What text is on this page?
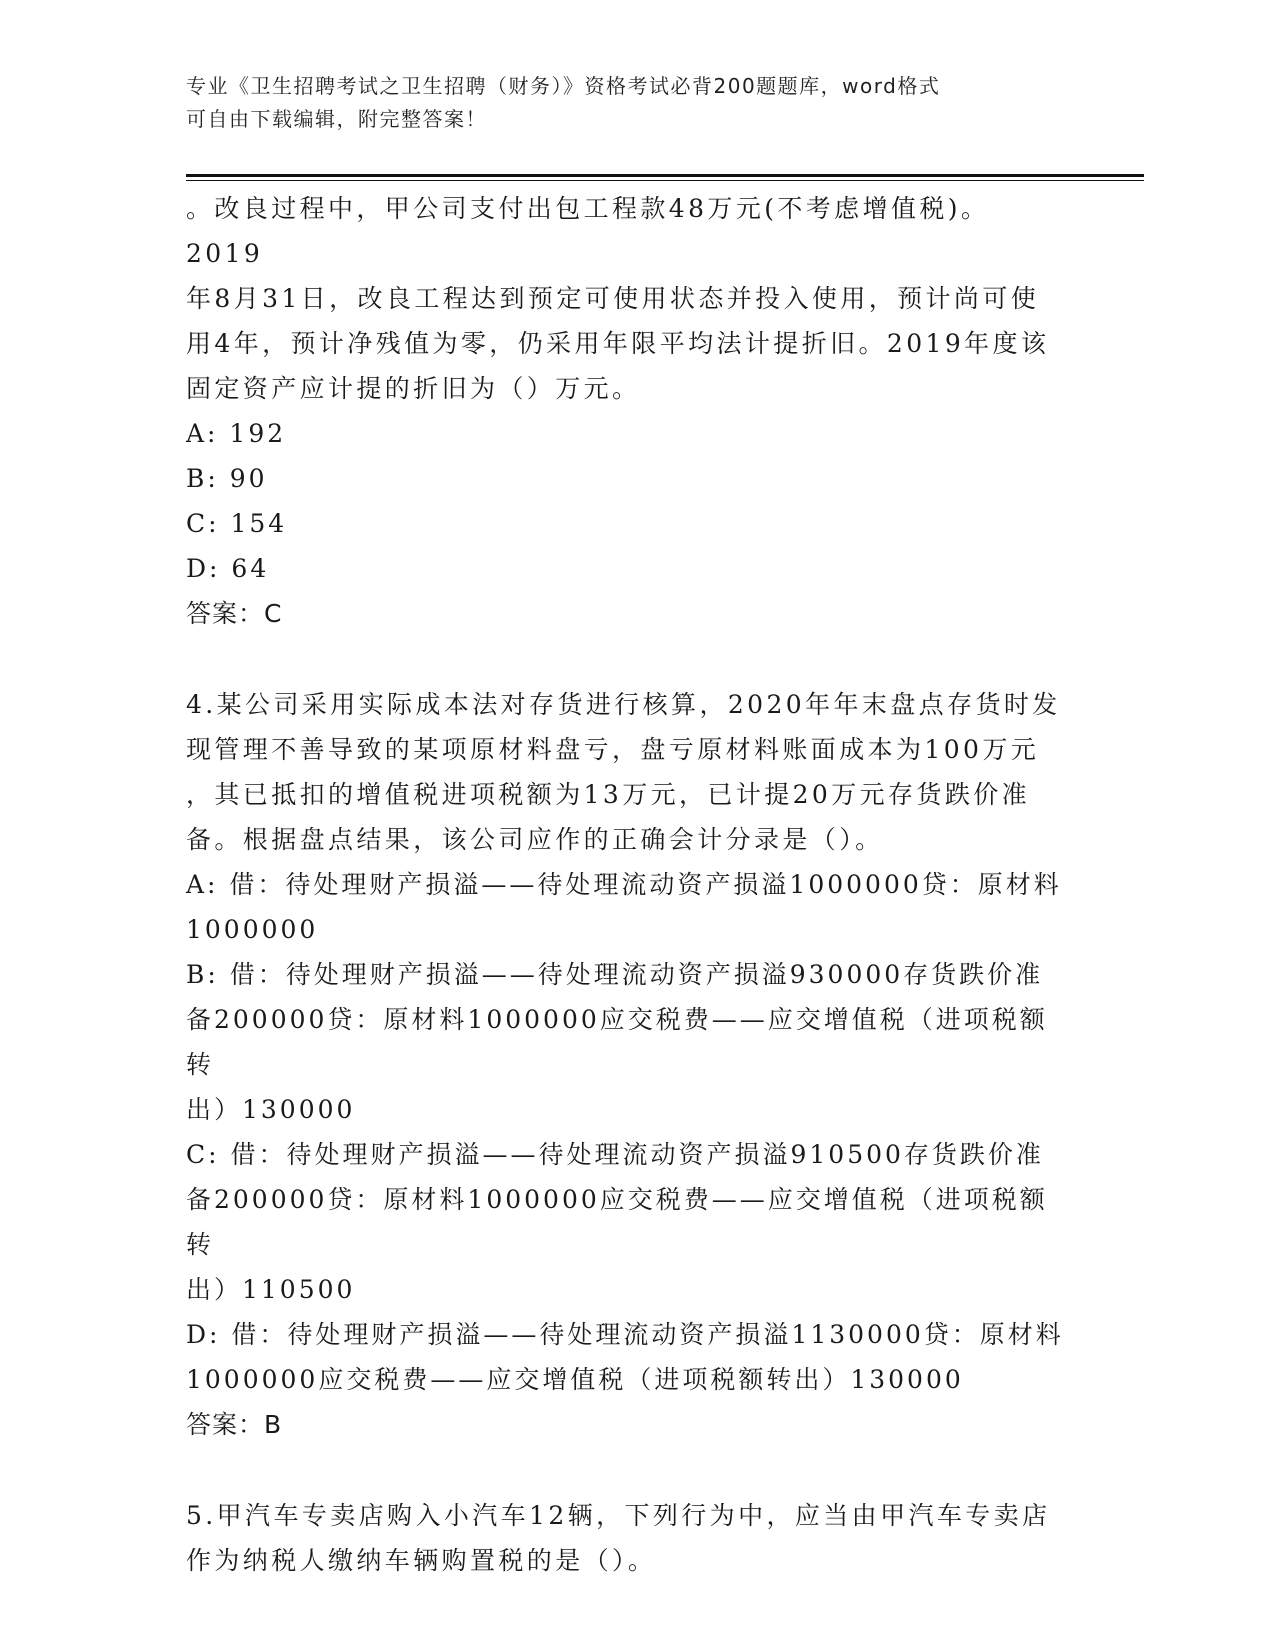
专业《卫生招聘考试之卫生招聘（财务）》资格考试必背200题题库，word格式
可自由下载编辑，附完整答案！

。改良过程中，甲公司支付出包工程款48万元(不考虑增值税)。2019

年8月31日，改良工程达到预定可使用状态并投入使用，预计尚可使

用4年，预计净残值为零，仍采用年限平均法计提折旧。2019年度该

固定资产应计提的折旧为（）万元。

A: 192

B: 90

C: 154

D: 64

答案：C

4.某公司采用实际成本法对存货进行核算，2020年年末盘点存货时发

现管理不善导致的某项原材料盘亏，盘亏原材料账面成本为100万元

，其已抵扣的增值税进项税额为13万元，已计提20万元存货跌价准

备。根据盘点结果，该公司应作的正确会计分录是（）。

A: 借：待处理财产损溢——待处理流动资产损溢1000000贷：原材料

1000000

B: 借：待处理财产损溢——待处理流动资产损溢930000存货跌价准

备200000贷：原材料1000000应交税费——应交增值税（进项税额转

出）130000

C: 借：待处理财产损溢——待处理流动资产损溢910500存货跌价准

备200000贷：原材料1000000应交税费——应交增值税（进项税额转

出）110500

D: 借：待处理财产损溢——待处理流动资产损溢1130000贷：原材料

1000000应交税费——应交增值税（进项税额转出）130000

答案：B

5.甲汽车专卖店购入小汽车12辆，下列行为中，应当由甲汽车专卖店

作为纳税人缴纳车辆购置税的是（）。
